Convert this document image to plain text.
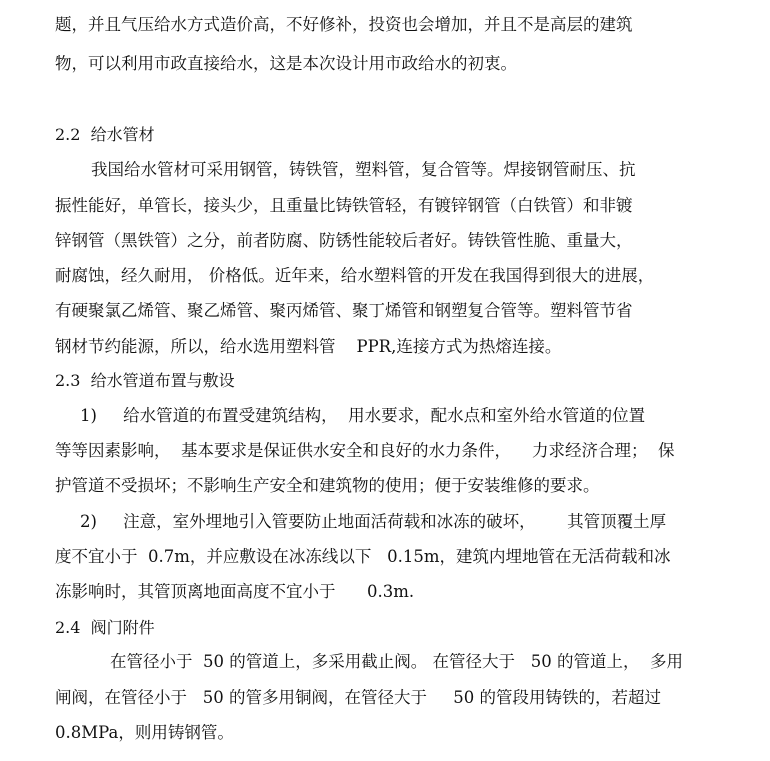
题，并且气压给水方式造价高，不好修补，投资也会增加，并且不是高层的建筑

物，可以利用市政直接给水，这是本次设计用市政给水的初衷。

2.2  给水管材

我国给水管材可采用钢管，铸铁管，塑料管，复合管等。焊接钢管耐压、抗

振性能好，单管长，接头少，且重量比铸铁管轻，有镀锌钢管（白铁管）和非镀

锌钢管（黑铁管）之分，前者防腐、防锈性能较后者好。铸铁管性脆、重量大，

耐腐蚀，经久耐用， 价格低。近年来，给水塑料管的开发在我国得到很大的进展，

有硬聚氯乙烯管、聚乙烯管、聚丙烯管、聚丁烯管和钢塑复合管等。塑料管节省

钢材节约能源，所以，给水选用塑料管    PPR,连接方式为热熔连接。

2.3  给水管道布置与敷设

1)     给水管道的布置受建筑结构，  用水要求，配水点和室外给水管道的位置

等等因素影响，  基本要求是保证供水安全和良好的水力条件，    力求经济合理；  保

护管道不受损坏；不影响生产安全和建筑物的使用；便于安装维修的要求。

2)     注意，室外埋地引入管要防止地面活荷载和冰冻的破坏，      其管顶覆土厚

度不宜小于  0.7m，并应敷设在冰冻线以下   0.15m，建筑内埋地管在无活荷载和冰

冻影响时，其管顶离地面高度不宜小于      0.3m.

2.4  阀门附件

在管径小于  50 的管道上，多采用截止阀。 在管径大于   50 的管道上，  多用

闸阀，在管径小于   50 的管多用铜阀，在管径大于     50 的管段用铸铁的，若超过

0.8MPa，则用铸钢管。
